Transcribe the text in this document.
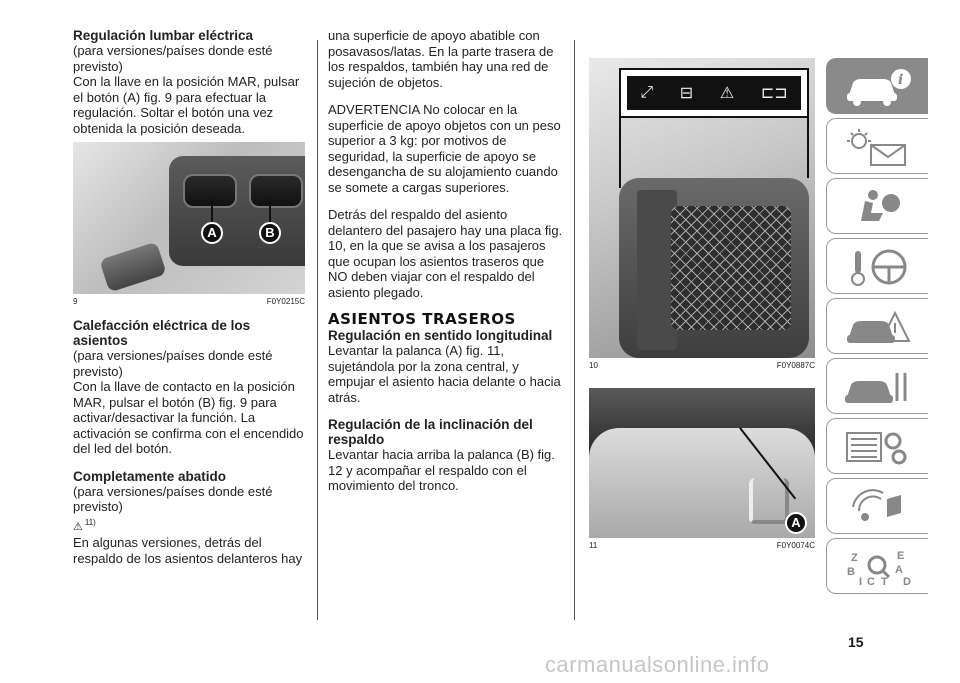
Regulación lumbar eléctrica

(para versiones/países donde esté previsto)

Con la llave en la posición MAR, pulsar el botón (A) fig. 9 para efectuar la regulación. Soltar el botón una vez obtenida la posición deseada.

A	B
9	F0Y0215C
Calefacción eléctrica de los asientos

(para versiones/países donde esté previsto)

Con la llave de contacto en la posición MAR, pulsar el botón (B) fig. 9 para activar/desactivar la función. La activación se confirma con el encendido del led del botón.

Completamente abatido

(para versiones/países donde esté previsto)

⚠ $^{11)}$

En algunas versiones, detrás del respaldo de los asientos delanteros hay

una superficie de apoyo abatible con posavasos/latas. En la parte trasera de los respaldos, también hay una red de sujeción de objetos.

ADVERTENCIA No colocar en la superficie de apoyo objetos con un peso superior a 3 kg: por motivos de seguridad, la superficie de apoyo se desengancha de su alojamiento cuando se somete a cargas superiores.

Detrás del respaldo del asiento delantero del pasajero hay una placa fig. 10, en la que se avisa a los pasajeros que ocupan los asientos traseros que NO deben viajar con el respaldo del asiento plegado.

ASIENTOS TRASEROS
Regulación en sentido longitudinal

Levantar la palanca (A) fig. 11, sujetándola por la zona central, y empujar el asiento hacia delante o hacia atrás.

Regulación de la inclinación del respaldo

Levantar hacia arriba la palanca (B) fig. 12 y acompañar el respaldo con el movimiento del tronco.

⤢ ⊟ ⚠ ⊏⊐
10	F0Y0887C
A
11	F0Y0074C
i
Z	E
B	A
I C T D
15
carmanualsonline.info
